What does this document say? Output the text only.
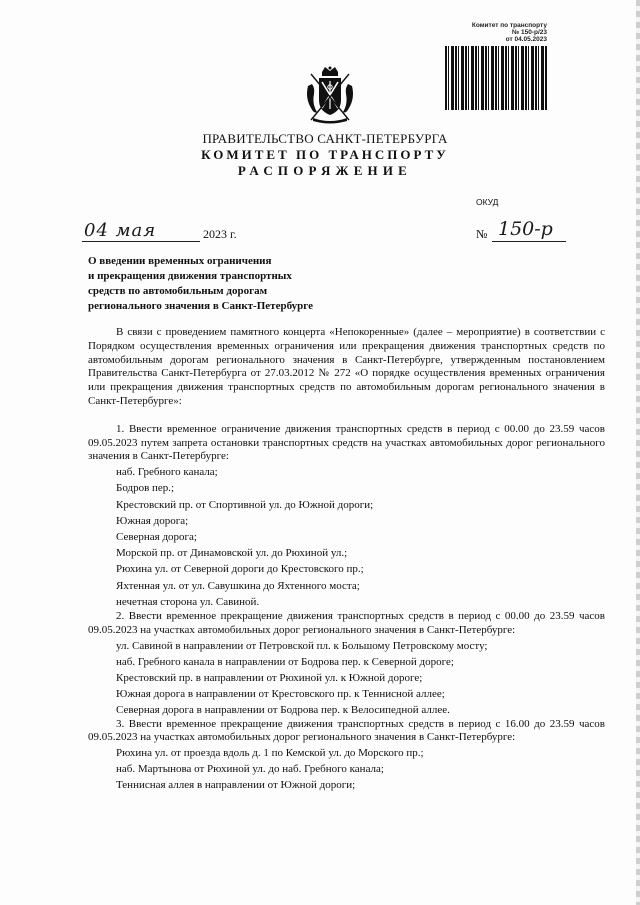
Комитет по транспорту
№ 150-р/23
от 04.05.2023
ПРАВИТЕЛЬСТВО САНКТ-ПЕТЕРБУРГА
КОМИТЕТ ПО ТРАНСПОРТУ
РАСПОРЯЖЕНИЕ
ОКУД
04 мая	2023 г.	№ 150-р
О введении временных ограничения
и прекращения движения транспортных
средств по автомобильным дорогам
регионального значения в Санкт-Петербурге

В связи с проведением памятного концерта «Непокоренные» (далее – мероприятие) в соответствии с Порядком осуществления временных ограничения или прекращения движения транспортных средств по автомобильным дорогам регионального значения в Санкт-Петербурге, утвержденным постановлением Правительства Санкт-Петербурга от 27.03.2012 № 272 «О порядке осуществления временных ограничения или прекращения движения транспортных средств по автомобильным дорогам регионального значения в Санкт-Петербурге»:

1. Ввести временное ограничение движения транспортных средств в период с 00.00 до 23.59 часов 09.05.2023 путем запрета остановки транспортных средств на участках автомобильных дорог регионального значения в Санкт-Петербурге:

наб. Гребного канала;

Бодров пер.;

Крестовский пр. от Спортивной ул. до Южной дороги;

Южная дорога;

Северная дорога;

Морской пр. от Динамовской ул. до Рюхиной ул.;

Рюхина ул. от Северной дороги до Крестовского пр.;

Яхтенная ул. от ул. Савушкина до Яхтенного моста;

нечетная сторона ул. Савиной.

2. Ввести временное прекращение движения транспортных средств в период с 00.00 до 23.59 часов 09.05.2023 на участках автомобильных дорог регионального значения в Санкт-Петербурге:

ул. Савиной в направлении от Петровской пл. к Большому Петровскому мосту;

наб. Гребного канала в направлении от Бодрова пер. к Северной дороге;

Крестовский пр. в направлении от Рюхиной ул. к Южной дороге;

Южная дорога в направлении от Крестовского пр. к Теннисной аллее;

Северная дорога в направлении от Бодрова пер. к Велосипедной аллее.

3. Ввести временное прекращение движения транспортных средств в период с 16.00 до 23.59 часов 09.05.2023 на участках автомобильных дорог регионального значения в Санкт-Петербурге:

Рюхина ул. от проезда вдоль д. 1 по Кемской ул. до Морского пр.;

наб. Мартынова от Рюхиной ул. до наб. Гребного канала;

Теннисная аллея в направлении от Южной дороги;
